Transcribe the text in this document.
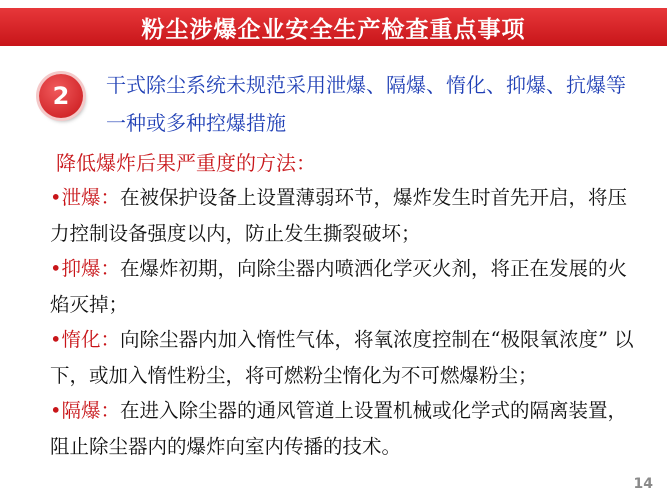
粉尘涉爆企业安全生产检查重点事项
2 干式除尘系统未规范采用泄爆、隔爆、惰化、抑爆、抗爆等一种或多种控爆措施
降低爆炸后果严重度的方法：

•泄爆：在被保护设备上设置薄弱环节，爆炸发生时首先开启，将压力控制设备强度以内，防止发生撕裂破坏；

•抑爆：在爆炸初期，向除尘器内喷洒化学灭火剂，将正在发展的火焰灭掉；

•惰化：向除尘器内加入惰性气体，将氧浓度控制在“极限氧浓度” 以下，或加入惰性粉尘，将可燃粉尘惰化为不可燃爆粉尘；

•隔爆：在进入除尘器的通风管道上设置机械或化学式的隔离装置，阻止除尘器内的爆炸向室内传播的技术。

14
